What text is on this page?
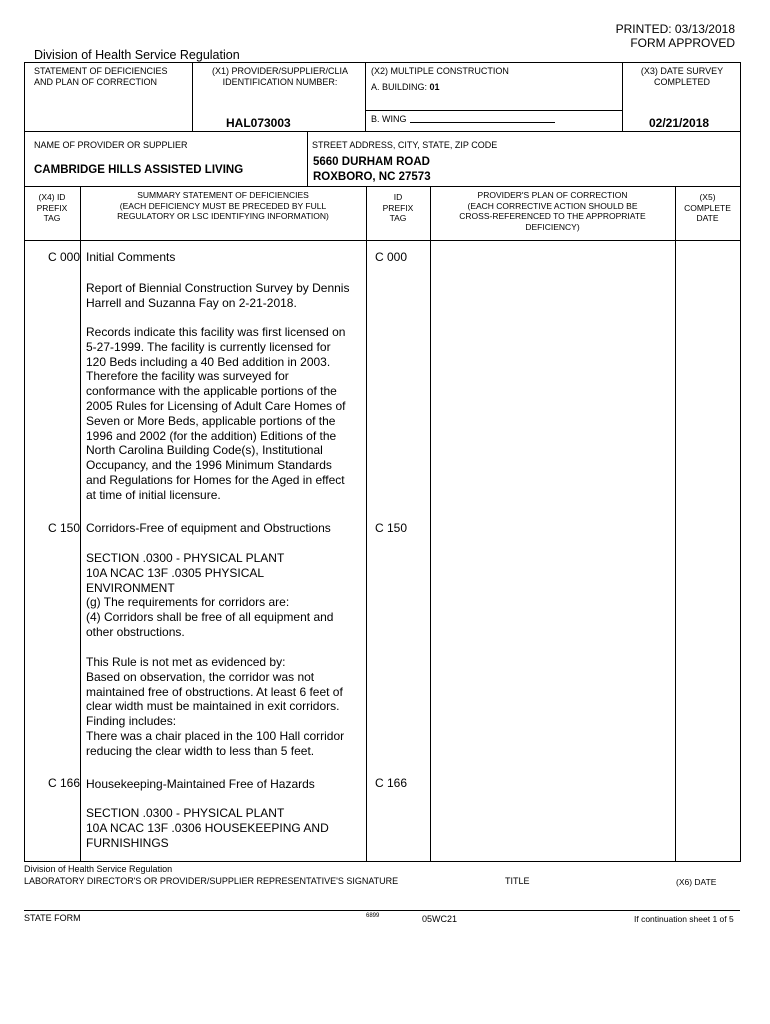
PRINTED: 03/13/2018
FORM APPROVED
Division of Health Service Regulation
STATEMENT OF DEFICIENCIES
AND PLAN OF CORRECTION
(X1) PROVIDER/SUPPLIER/CLIA
IDENTIFICATION NUMBER:
HAL073003
(X2) MULTIPLE CONSTRUCTION
A. BUILDING: 01
B. WING
(X3) DATE SURVEY
COMPLETED
02/21/2018
NAME OF PROVIDER OR SUPPLIER
CAMBRIDGE HILLS ASSISTED LIVING
STREET ADDRESS, CITY, STATE, ZIP CODE
5660 DURHAM ROAD
ROXBORO, NC 27573
(X4) ID
PREFIX
TAG
SUMMARY STATEMENT OF DEFICIENCIES
(EACH DEFICIENCY MUST BE PRECEDED BY FULL
REGULATORY OR LSC IDENTIFYING INFORMATION)
ID
PREFIX
TAG
PROVIDER'S PLAN OF CORRECTION
(EACH CORRECTIVE ACTION SHOULD BE
CROSS-REFERENCED TO THE APPROPRIATE
DEFICIENCY)
(X5)
COMPLETE
DATE
C 000	C 000
Initial Comments
Report of Biennial Construction Survey by Dennis
Harrell and Suzanna Fay on 2-21-2018.
Records indicate this facility was first licensed on
5-27-1999. The facility is currently licensed for
120 Beds including a 40 Bed addition in 2003.
Therefore the facility was surveyed for
conformance with the applicable portions of the
2005 Rules for Licensing of Adult Care Homes of
Seven or More Beds, applicable portions of the
1996 and 2002 (for the addition) Editions of the
North Carolina Building Code(s), Institutional
Occupancy, and the 1996 Minimum Standards
and Regulations for Homes for the Aged in effect
at time of initial licensure.
C 150	C 150
Corridors-Free of equipment and Obstructions
SECTION .0300 - PHYSICAL PLANT
10A NCAC 13F .0305 PHYSICAL
ENVIRONMENT
(g) The requirements for corridors are:
(4) Corridors shall be free of all equipment and
other obstructions.
This Rule is not met as evidenced by:
Based on observation, the corridor was not
maintained free of obstructions. At least 6 feet of
clear width must be maintained in exit corridors.
Finding includes:
There was a chair placed in the 100 Hall corridor
reducing the clear width to less than 5 feet.
C 166	C 166
Housekeeping-Maintained Free of Hazards
SECTION .0300 - PHYSICAL PLANT
10A NCAC 13F .0306 HOUSEKEEPING AND
FURNISHINGS
Division of Health Service Regulation
LABORATORY DIRECTOR'S OR PROVIDER/SUPPLIER REPRESENTATIVE'S SIGNATURE	TITLE	(X6) DATE
STATE FORM	6899	05WC21	If continuation sheet 1 of 5
